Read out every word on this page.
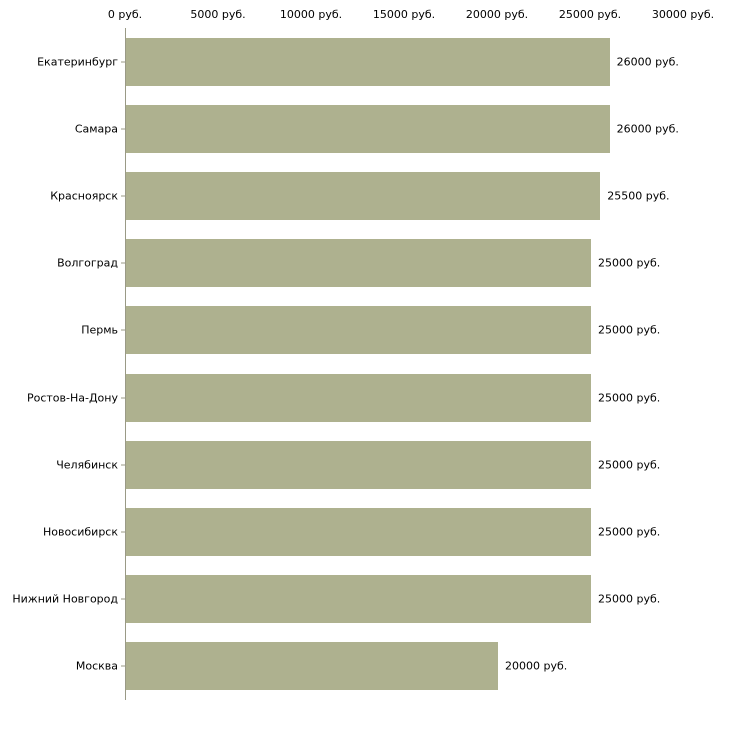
0 руб.	5000 руб.	10000 руб.	15000 руб.	20000 руб.	25000 руб.	30000 руб.
Екатеринбург	26000 руб.
Самара	26000 руб.
Красноярск	25500 руб.
Волгоград	25000 руб.
Пермь	25000 руб.
Ростов-На-Дону	25000 руб.
Челябинск	25000 руб.
Новосибирск	25000 руб.
Нижний Новгород	25000 руб.
Москва	20000 руб.
